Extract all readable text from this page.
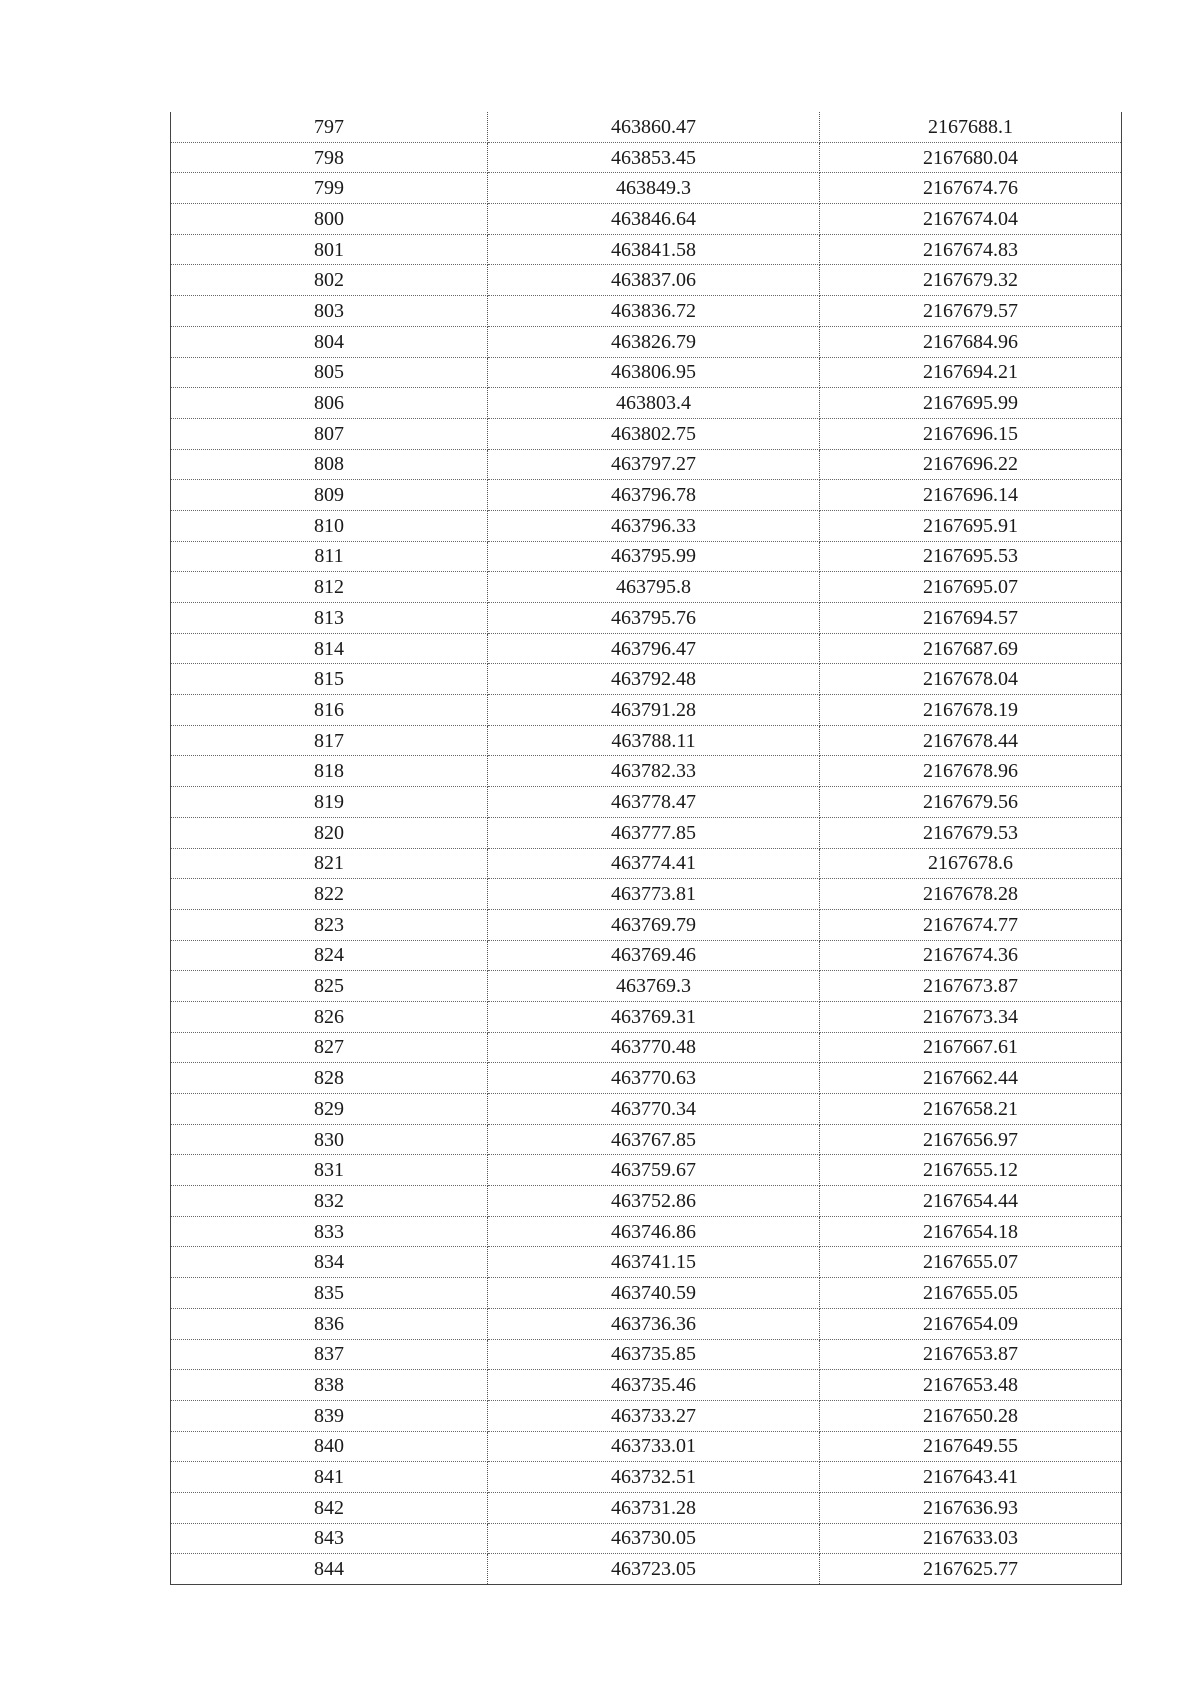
797	463860.47	2167688.1
798	463853.45	2167680.04
799	463849.3	2167674.76
800	463846.64	2167674.04
801	463841.58	2167674.83
802	463837.06	2167679.32
803	463836.72	2167679.57
804	463826.79	2167684.96
805	463806.95	2167694.21
806	463803.4	2167695.99
807	463802.75	2167696.15
808	463797.27	2167696.22
809	463796.78	2167696.14
810	463796.33	2167695.91
811	463795.99	2167695.53
812	463795.8	2167695.07
813	463795.76	2167694.57
814	463796.47	2167687.69
815	463792.48	2167678.04
816	463791.28	2167678.19
817	463788.11	2167678.44
818	463782.33	2167678.96
819	463778.47	2167679.56
820	463777.85	2167679.53
821	463774.41	2167678.6
822	463773.81	2167678.28
823	463769.79	2167674.77
824	463769.46	2167674.36
825	463769.3	2167673.87
826	463769.31	2167673.34
827	463770.48	2167667.61
828	463770.63	2167662.44
829	463770.34	2167658.21
830	463767.85	2167656.97
831	463759.67	2167655.12
832	463752.86	2167654.44
833	463746.86	2167654.18
834	463741.15	2167655.07
835	463740.59	2167655.05
836	463736.36	2167654.09
837	463735.85	2167653.87
838	463735.46	2167653.48
839	463733.27	2167650.28
840	463733.01	2167649.55
841	463732.51	2167643.41
842	463731.28	2167636.93
843	463730.05	2167633.03
844	463723.05	2167625.77
